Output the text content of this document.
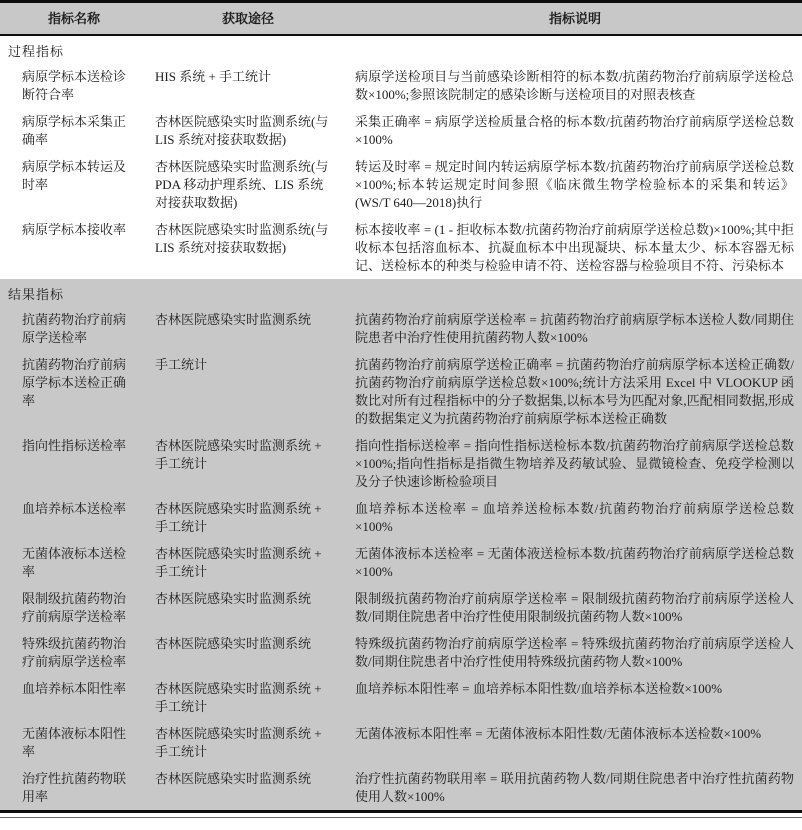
指标名称	获取途径	指标说明
过程指标		
病原学标本送检诊断符合率	HIS 系统 + 手工统计	病原学送检项目与当前感染诊断相符的标本数/抗菌药物治疗前病原学送检总数×100%;参照该院制定的感染诊断与送检项目的对照表核查
病原学标本采集正确率	杏林医院感染实时监测系统(与 LIS 系统对接获取数据)	采集正确率 = 病原学送检质量合格的标本数/抗菌药物治疗前病原学送检总数×100%
病原学标本转运及时率	杏林医院感染实时监测系统(与 PDA 移动护理系统、LIS 系统对接获取数据)	转运及时率 = 规定时间内转运病原学标本数/抗菌药物治疗前病原学送检总数×100%;标本转运规定时间参照《临床微生物学检验标本的采集和转运》(WS/T 640—2018)执行
病原学标本接收率	杏林医院感染实时监测系统(与 LIS 系统对接获取数据)	标本接收率 = (1 - 拒收标本数/抗菌药物治疗前病原学送检总数)×100%;其中拒收标本包括溶血标本、抗凝血标本中出现凝块、标本量太少、标本容器无标记、送检标本的种类与检验申请不符、送检容器与检验项目不符、污染标本
结果指标		
抗菌药物治疗前病原学送检率	杏林医院感染实时监测系统	抗菌药物治疗前病原学送检率 = 抗菌药物治疗前病原学标本送检人数/同期住院患者中治疗性使用抗菌药物人数×100%
抗菌药物治疗前病原学标本送检正确率	手工统计	抗菌药物治疗前病原学送检正确率 = 抗菌药物治疗前病原学标本送检正确数/抗菌药物治疗前病原学送检总数×100%;统计方法采用 Excel 中 VLOOKUP 函数比对所有过程指标中的分子数据集,以标本号为匹配对象,匹配相同数据,形成的数据集定义为抗菌药物治疗前病原学标本送检正确数
指向性指标送检率	杏林医院感染实时监测系统 + 手工统计	指向性指标送检率 = 指向性指标送检标本数/抗菌药物治疗前病原学送检总数×100%;指向性指标是指微生物培养及药敏试验、显微镜检查、免疫学检测以及分子快速诊断检验项目
血培养标本送检率	杏林医院感染实时监测系统 + 手工统计	血培养标本送检率 = 血培养送检标本数/抗菌药物治疗前病原学送检总数×100%
无菌体液标本送检率	杏林医院感染实时监测系统 + 手工统计	无菌体液标本送检率 = 无菌体液送检标本数/抗菌药物治疗前病原学送检总数×100%
限制级抗菌药物治疗前病原学送检率	杏林医院感染实时监测系统	限制级抗菌药物治疗前病原学送检率 = 限制级抗菌药物治疗前病原学送检人数/同期住院患者中治疗性使用限制级抗菌药物人数×100%
特殊级抗菌药物治疗前病原学送检率	杏林医院感染实时监测系统	特殊级抗菌药物治疗前病原学送检率 = 特殊级抗菌药物治疗前病原学送检人数/同期住院患者中治疗性使用特殊级抗菌药物人数×100%
血培养标本阳性率	杏林医院感染实时监测系统 + 手工统计	血培养标本阳性率 = 血培养标本阳性数/血培养标本送检数×100%
无菌体液标本阳性率	杏林医院感染实时监测系统 + 手工统计	无菌体液标本阳性率 = 无菌体液标本阳性数/无菌体液标本送检数×100%
治疗性抗菌药物联用率	杏林医院感染实时监测系统	治疗性抗菌药物联用率 = 联用抗菌药物人数/同期住院患者中治疗性抗菌药物使用人数×100%
